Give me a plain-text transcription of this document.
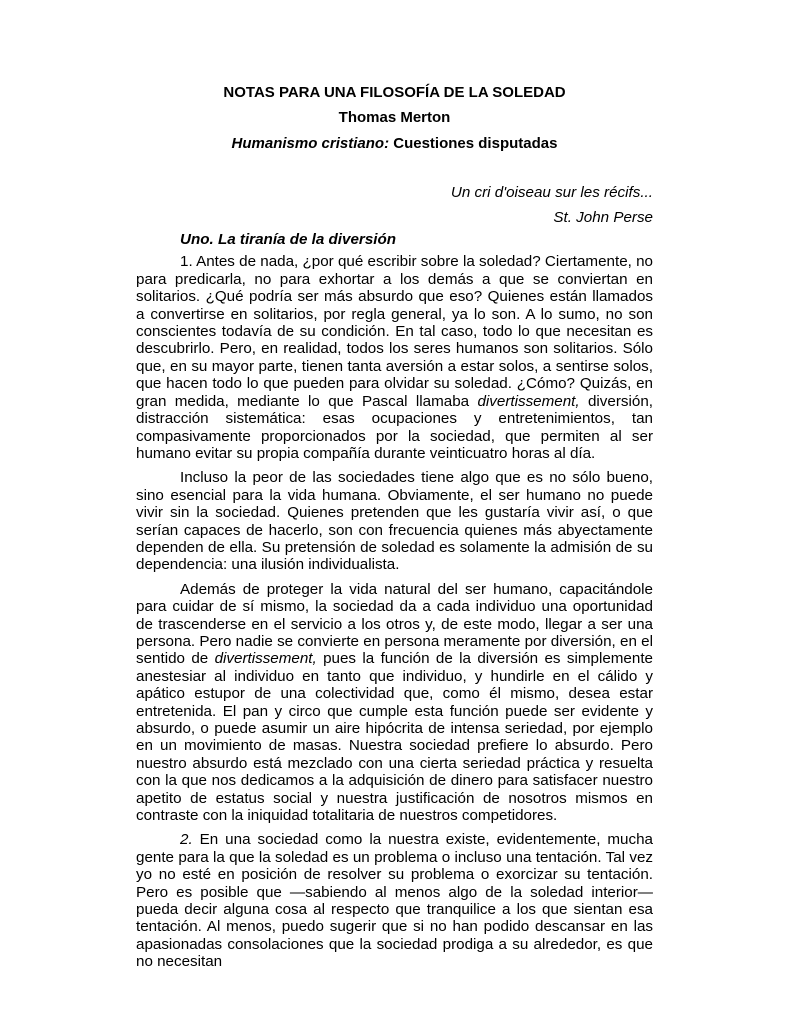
NOTAS PARA UNA FILOSOFÍA DE LA SOLEDAD
Thomas Merton
Humanismo cristiano: Cuestiones disputadas
Un cri d'oiseau sur les récifs...
St. John Perse
Uno. La tiranía de la diversión

1. Antes de nada, ¿por qué escribir sobre la soledad? Ciertamente, no para predicarla, no para exhortar a los demás a que se conviertan en solitarios. ¿Qué podría ser más absurdo que eso? Quienes están llamados a convertirse en solitarios, por regla general, ya lo son. A lo sumo, no son conscientes todavía de su condición. En tal caso, todo lo que necesitan es descubrirlo. Pero, en realidad, todos los seres humanos son solitarios. Sólo que, en su mayor parte, tienen tanta aversión a estar solos, a sentirse solos, que hacen todo lo que pueden para olvidar su soledad. ¿Cómo? Quizás, en gran medida, mediante lo que Pascal llamaba divertissement, diversión, distracción sistemática: esas ocupaciones y entretenimientos, tan compasivamente proporcionados por la sociedad, que permiten al ser humano evitar su propia compañía durante veinticuatro horas al día.

Incluso la peor de las sociedades tiene algo que es no sólo bueno, sino esencial para la vida humana. Obviamente, el ser humano no puede vivir sin la sociedad. Quienes pretenden que les gustaría vivir así, o que serían capaces de hacerlo, son con frecuencia quienes más abyectamente dependen de ella. Su pretensión de soledad es solamente la admisión de su dependencia: una ilusión individualista.

Además de proteger la vida natural del ser humano, capacitándole para cuidar de sí mismo, la sociedad da a cada individuo una oportunidad de trascenderse en el servicio a los otros y, de este modo, llegar a ser una persona. Pero nadie se convierte en persona meramente por diversión, en el sentido de divertissement, pues la función de la diversión es simplemente anestesiar al individuo en tanto que individuo, y hundirle en el cálido y apático estupor de una colectividad que, como él mismo, desea estar entretenida. El pan y circo que cumple esta función puede ser evidente y absurdo, o puede asumir un aire hipócrita de intensa seriedad, por ejemplo en un movimiento de masas. Nuestra sociedad prefiere lo absurdo. Pero nuestro absurdo está mezclado con una cierta seriedad práctica y resuelta con la que nos dedicamos a la adquisición de dinero para satisfacer nuestro apetito de estatus social y nuestra justificación de nosotros mismos en contraste con la iniquidad totalitaria de nuestros competidores.

2. En una sociedad como la nuestra existe, evidentemente, mucha gente para la que la soledad es un problema o incluso una tentación. Tal vez yo no esté en posición de resolver su problema o exorcizar su tentación. Pero es posible que —sabiendo al menos algo de la soledad interior— pueda decir alguna cosa al respecto que tranquilice a los que sientan esa tentación. Al menos, puedo sugerir que si no han podido descansar en las apasionadas consolaciones que la sociedad prodiga a su alrededor, es que no necesitan
